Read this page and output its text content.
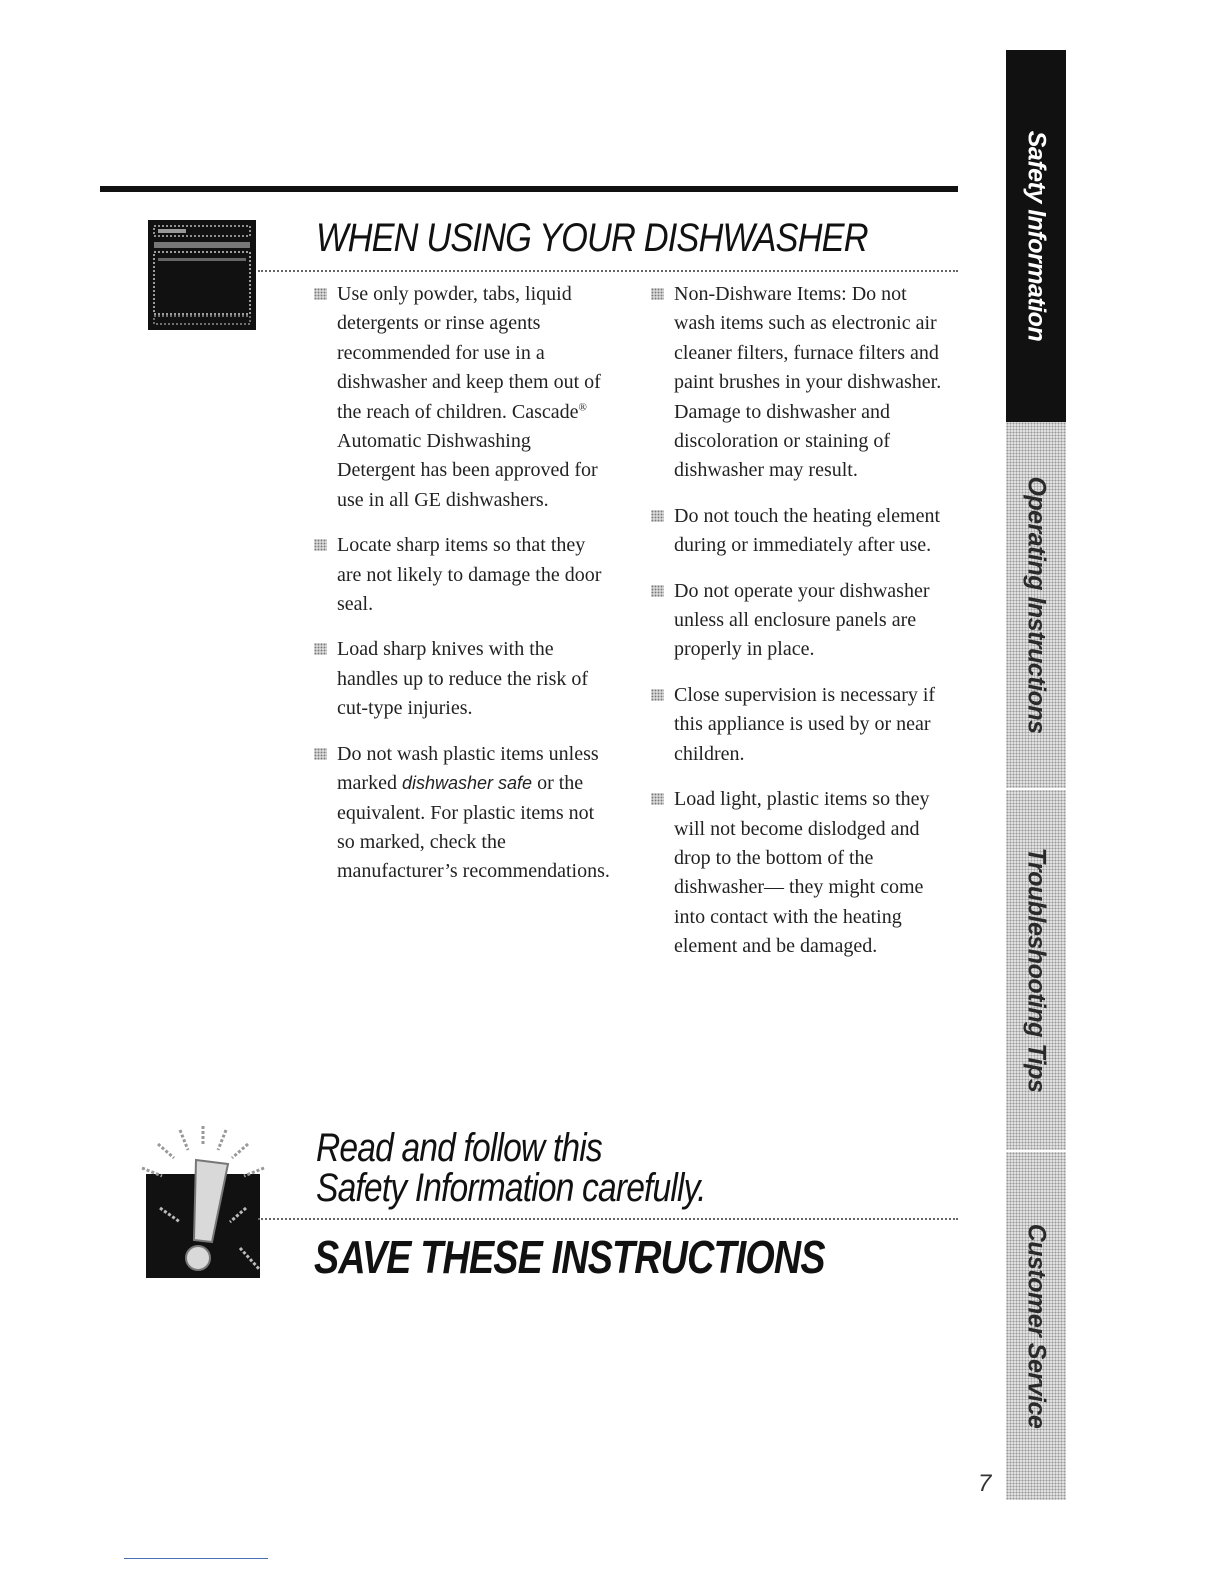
WHEN USING YOUR DISHWASHER

Use only powder, tabs, liquid detergents or rinse agents recommended for use in a dishwasher and keep them out of the reach of children. Cascade® Automatic Dishwashing Detergent has been approved for use in all GE dishwashers.

Locate sharp items so that they are not likely to damage the door seal.

Load sharp knives with the handles up to reduce the risk of cut-type injuries.

Do not wash plastic items unless marked dishwasher safe or the equivalent. For plastic items not so marked, check the manufacturer’s recommendations.

Non-Dishware Items: Do not wash items such as electronic air cleaner filters, furnace filters and paint brushes in your dishwasher. Damage to dishwasher and discoloration or staining of dishwasher may result.

Do not touch the heating element during or immediately after use.

Do not operate your dishwasher unless all enclosure panels are properly in place.

Close supervision is necessary if this appliance is used by or near children.

Load light, plastic items so they will not become dislodged and drop to the bottom of the dishwasher— they might come into contact with the heating element and be damaged.

Read and follow this
Safety Information carefully.
SAVE THESE INSTRUCTIONS
Safety Information
Operating Instructions
Troubleshooting Tips
Customer Service
7
